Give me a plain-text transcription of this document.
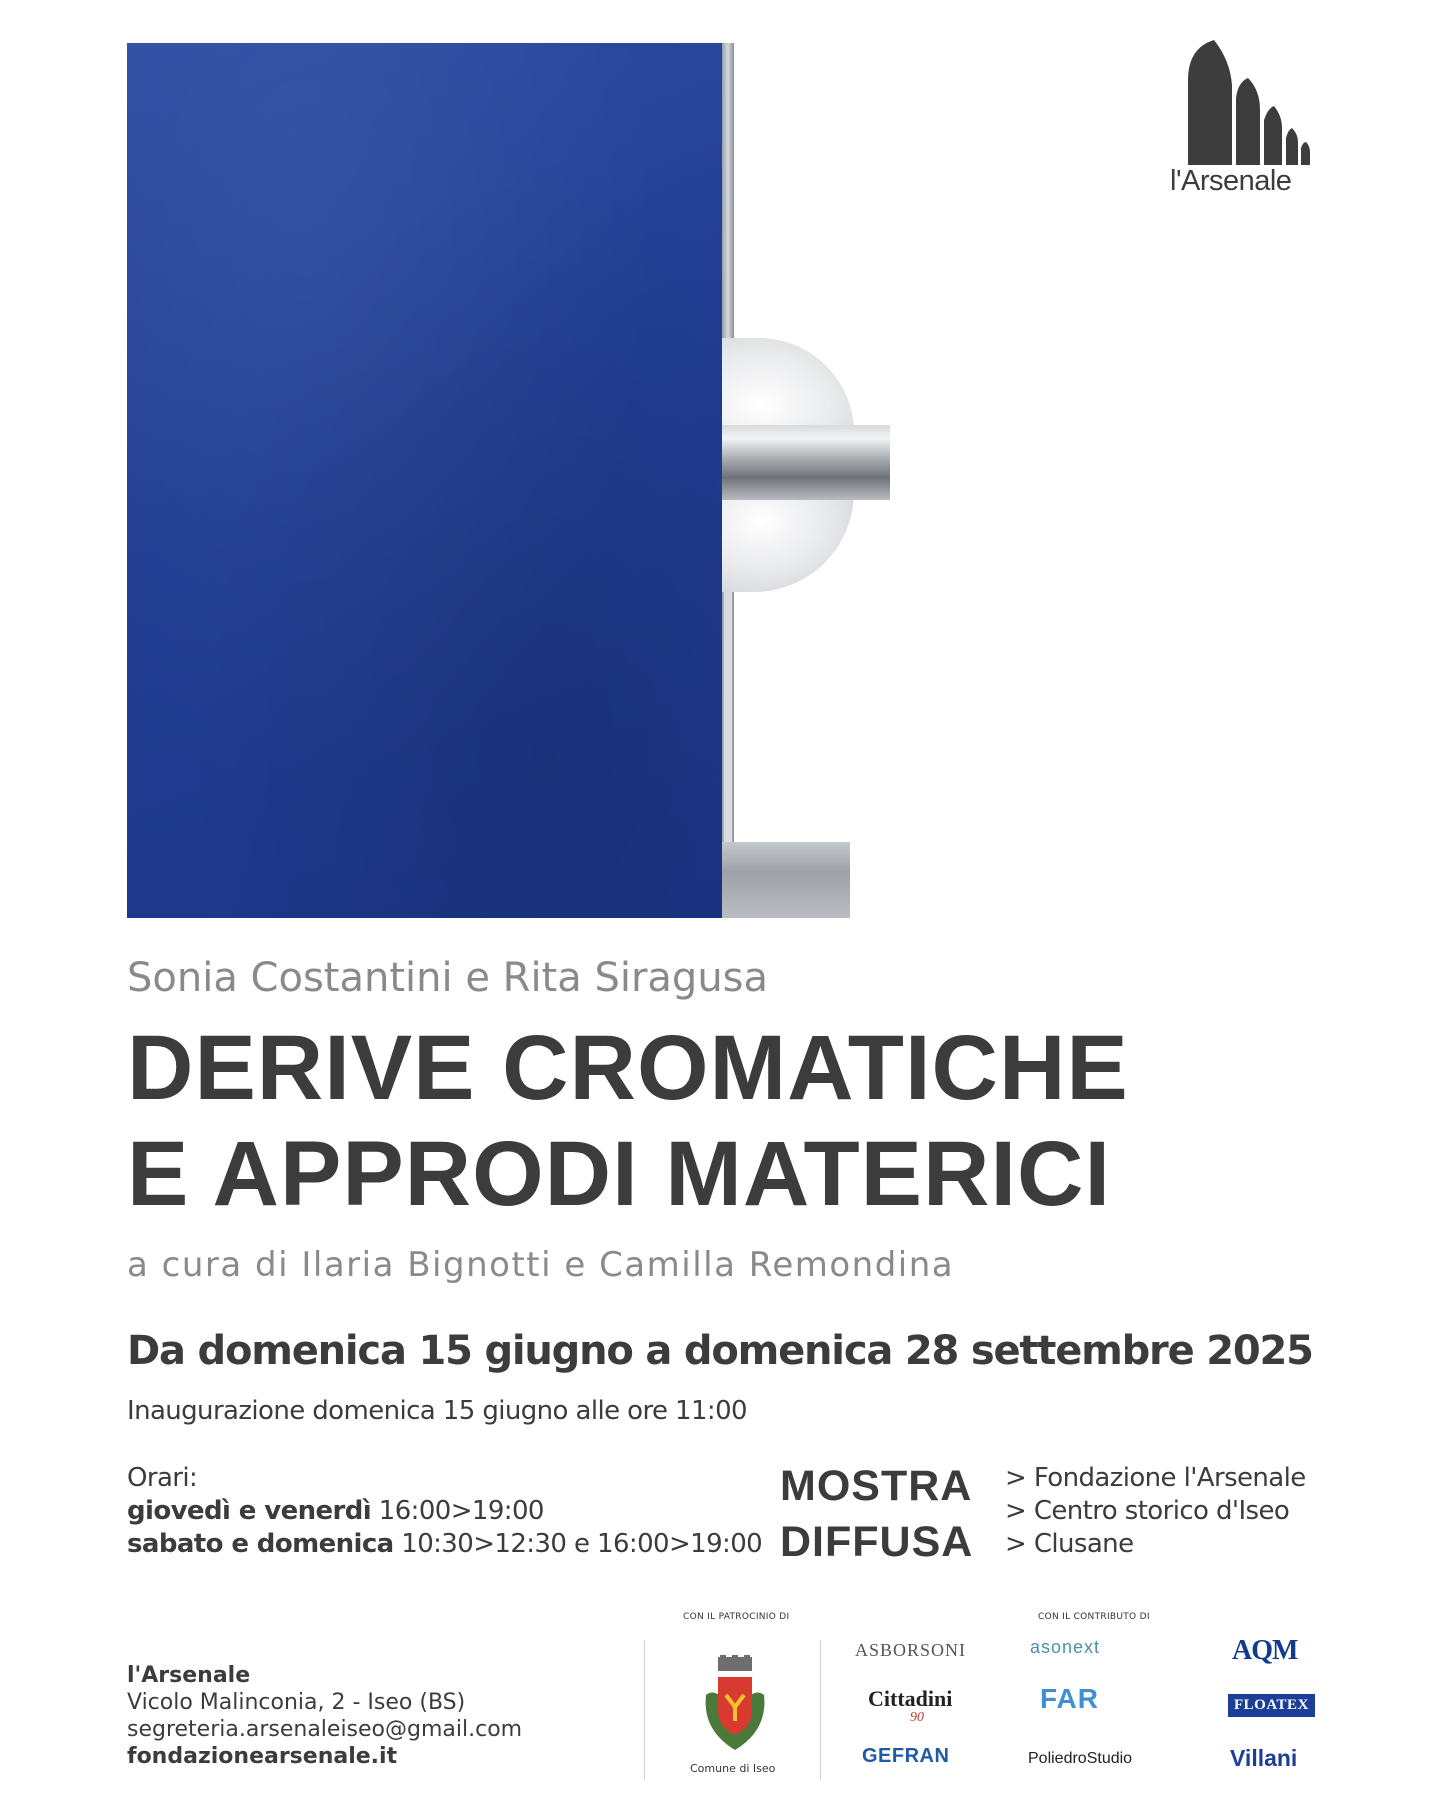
l'Arsenale
Sonia Costantini e Rita Siragusa
DERIVE CROMATICHE
E APPRODI MATERICI
a cura di Ilaria Bignotti e Camilla Remondina
Da domenica 15 giugno a domenica 28 settembre 2025
Inaugurazione domenica 15 giugno alle ore 11:00
Orari:
giovedì e venerdì 16:00>19:00
sabato e domenica 10:30>12:30 e 16:00>19:00
MOSTRA
DIFFUSA
> Fondazione l'Arsenale
> Centro storico d'Iseo
> Clusane
l'Arsenale
Vicolo Malinconia, 2 - Iseo (BS)
segreteria.arsenaleiseo@gmail.com
fondazionearsenale.it
CON IL PATROCINIO DI	CON IL CONTRIBUTO DI
Comune di Iseo
ASBORSONI
Cittadini
90
GEFRAN
asonext
FAR
PoliedroStudio
AQM
FLOATEX
Villani
